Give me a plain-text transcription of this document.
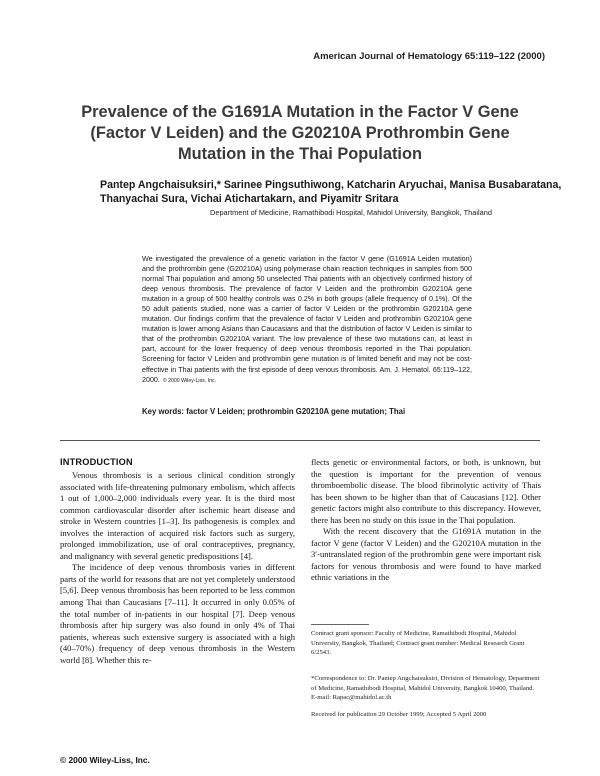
American Journal of Hematology 65:119–122 (2000)
Prevalence of the G1691A Mutation in the Factor V Gene
(Factor V Leiden) and the G20210A Prothrombin Gene
Mutation in the Thai Population
Pantep Angchaisuksiri,* Sarinee Pingsuthiwong, Katcharin Aryuchai, Manisa Busabaratana,
Thanyachai Sura, Vichai Atichartakarn, and Piyamitr Sritara
Department of Medicine, Ramathibodi Hospital, Mahidol University, Bangkok, Thailand

We investigated the prevalence of a genetic variation in the factor V gene (G1691A Leiden mutation) and the prothrombin gene (G20210A) using polymerase chain reaction techniques in samples from 500 normal Thai population and among 50 unselected Thai patients with an objectively confirmed history of deep venous thrombosis. The prevalence of factor V Leiden and the prothrombin G20210A gene mutation in a group of 500 healthy controls was 0.2% in both groups (allele frequency of 0.1%). Of the 50 adult patients studied, none was a carrier of factor V Leiden or the prothrombin G20210A gene mutation. Our findings confirm that the prevalence of factor V Leiden and prothrombin G20210A gene mutation is lower among Asians than Caucasians and that the distribution of factor V Leiden is similar to that of the prothrombin G20210A variant. The low prevalence of these two mutations can, at least in part, account for the lower frequency of deep venous thrombosis reported in the Thai population. Screening for factor V Leiden and prothrombin gene mutation is of limited benefit and may not be cost-effective in Thai patients with the first episode of deep venous thrombosis. Am. J. Hematol. 65:119–122, 2000. © 2000 Wiley-Liss, Inc.

Key words: factor V Leiden; prothrombin G20210A gene mutation; Thai
INTRODUCTION

Venous thrombosis is a serious clinical condition strongly associated with life-threatening pulmonary embolism, which affects 1 out of 1,000–2,000 individuals every year. It is the third most common cardiovascular disorder after ischemic heart disease and stroke in Western countries [1–3]. Its pathogenesis is complex and involves the interaction of acquired risk factors such as surgery, prolonged immobilization, use of oral contraceptives, pregnancy, and malignancy with several genetic predispositions [4].

The incidence of deep venous thrombosis varies in different parts of the world for reasons that are not yet completely understood [5,6]. Deep venous thrombosis has been reported to be less common among Thai than Caucasians [7–11]. It occurred in only 0.05% of the total number of in-patients in our hospital [7]. Deep venous thrombosis after hip surgery was also found in only 4% of Thai patients, whereas such extensive surgery is associated with a high (40–70%) frequency of deep venous thrombosis in the Western world [8]. Whether this re-

flects genetic or environmental factors, or both, is unknown, but the question is important for the prevention of venous thromboembolic disease. The blood fibrinolytic activity of Thais has been shown to be higher than that of Caucasians [12]. Other genetic factors might also contribute to this discrepancy. However, there has been no study on this issue in the Thai population.

With the recent discovery that the G1691A mutation in the factor V gene (factor V Leiden) and the G20210A mutation in the 3′-untranslated region of the prothrombin gene were important risk factors for venous thrombosis and were found to have marked ethnic variations in the

Contract grant sponsor: Faculty of Medicine, Ramathibodi Hospital, Mahidol University, Bangkok, Thailand; Contract grant number: Medical Research Grant 6/2543.
*Correspondence to: Dr. Pantep Angchaisuksiri, Division of Hematology, Department of Medicine, Ramathibodi Hospital, Mahidol University, Bangkok 10400, Thailand. E-mail: Rapac@mahidol.ac.th
Received for publication 29 October 1999; Accepted 5 April 2000
© 2000 Wiley-Liss, Inc.
